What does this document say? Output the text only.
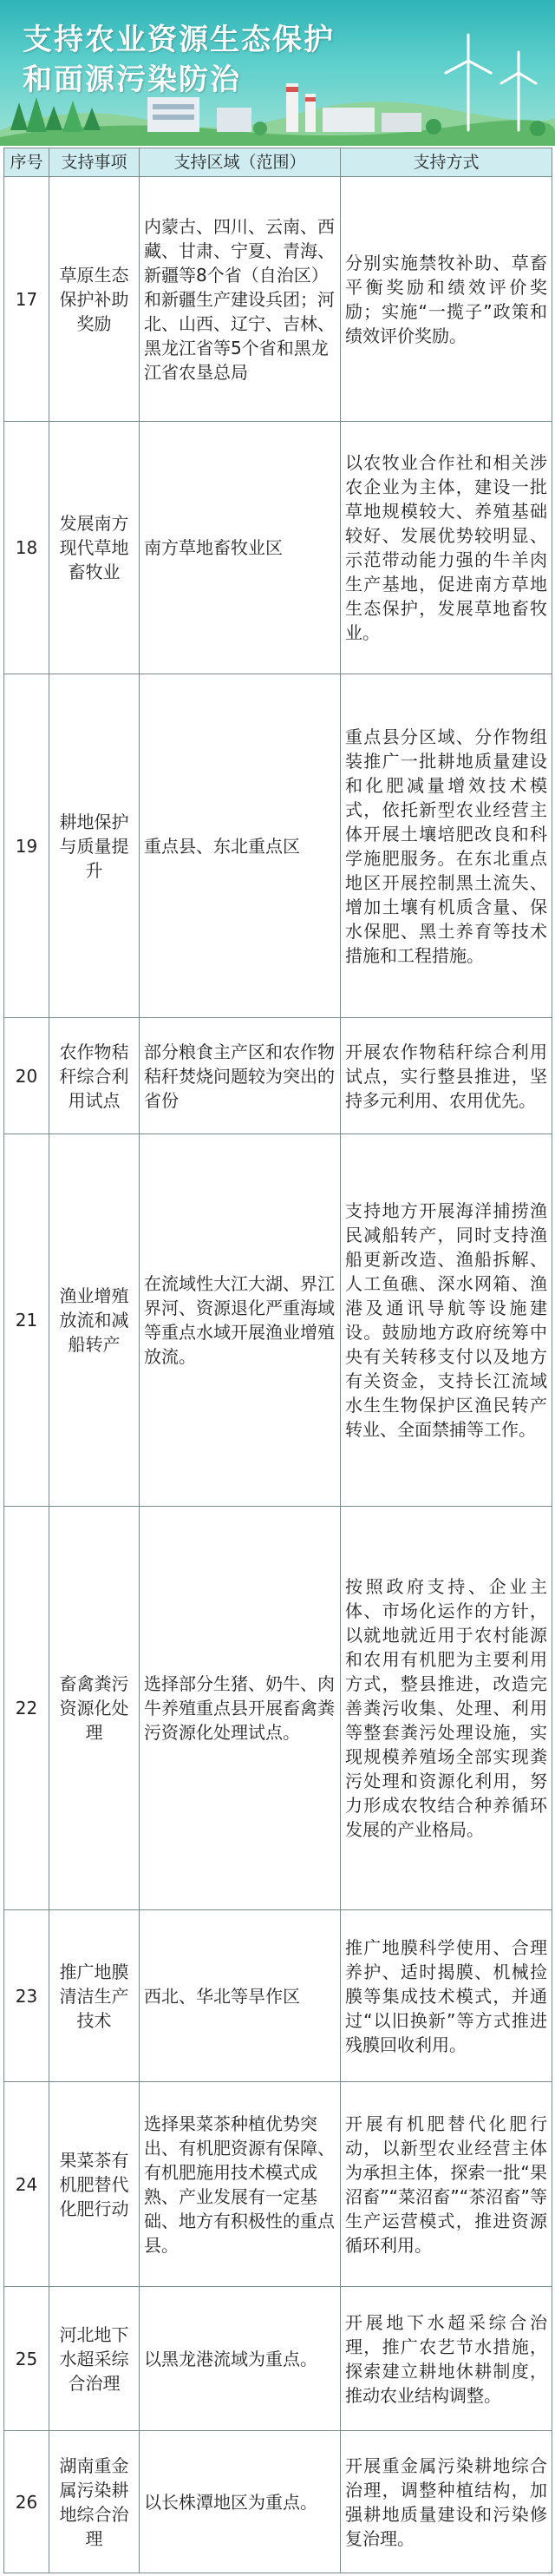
支持农业资源生态保护
和面源污染防治
序号	支持事项	支持区域（范围）	支持方式
17	草原生态保护补助奖励	内蒙古、四川、云南、西藏、甘肃、宁夏、青海、新疆等8个省（自治区）和新疆生产建设兵团；河北、山西、辽宁、吉林、黑龙江省等5个省和黑龙江省农垦总局	分别实施禁牧补助、草畜平衡奖励和绩效评价奖励；实施“一揽子”政策和绩效评价奖励。
18	发展南方现代草地畜牧业	南方草地畜牧业区	以农牧业合作社和相关涉农企业为主体，建设一批草地规模较大、养殖基础较好、发展优势较明显、示范带动能力强的牛羊肉生产基地，促进南方草地生态保护，发展草地畜牧业。
19	耕地保护与质量提升	重点县、东北重点区	重点县分区域、分作物组装推广一批耕地质量建设和化肥减量增效技术模式，依托新型农业经营主体开展土壤培肥改良和科学施肥服务。在东北重点地区开展控制黑土流失、增加土壤有机质含量、保水保肥、黑土养育等技术措施和工程措施。
20	农作物秸秆综合利用试点	部分粮食主产区和农作物秸秆焚烧问题较为突出的省份	开展农作物秸秆综合利用试点，实行整县推进，坚持多元利用、农用优先。
21	渔业增殖放流和减船转产	在流域性大江大湖、界江界河、资源退化严重海域等重点水域开展渔业增殖放流。	支持地方开展海洋捕捞渔民减船转产，同时支持渔船更新改造、渔船拆解、人工鱼礁、深水网箱、渔港及通讯导航等设施建设。鼓励地方政府统筹中央有关转移支付以及地方有关资金，支持长江流域水生生物保护区渔民转产转业、全面禁捕等工作。
22	畜禽粪污资源化处理	选择部分生猪、奶牛、肉牛养殖重点县开展畜禽粪污资源化处理试点。	按照政府支持、企业主体、市场化运作的方针，以就地就近用于农村能源和农用有机肥为主要利用方式，整县推进，改造完善粪污收集、处理、利用等整套粪污处理设施，实现规模养殖场全部实现粪污处理和资源化利用，努力形成农牧结合种养循环发展的产业格局。
23	推广地膜清洁生产技术	西北、华北等旱作区	推广地膜科学使用、合理养护、适时揭膜、机械捡膜等集成技术模式，并通过“以旧换新”等方式推进残膜回收利用。
24	果菜茶有机肥替代化肥行动	选择果菜茶种植优势突出、有机肥资源有保障、有机肥施用技术模式成熟、产业发展有一定基础、地方有积极性的重点县。	开展有机肥替代化肥行动，以新型农业经营主体为承担主体，探索一批“果沼畜”“菜沼畜”“茶沼畜”等生产运营模式，推进资源循环利用。
25	河北地下水超采综合治理	以黑龙港流域为重点。	开展地下水超采综合治理，推广农艺节水措施，探索建立耕地休耕制度，推动农业结构调整。
26	湖南重金属污染耕地综合治理	以长株潭地区为重点。	开展重金属污染耕地综合治理，调整种植结构，加强耕地质量建设和污染修复治理。
